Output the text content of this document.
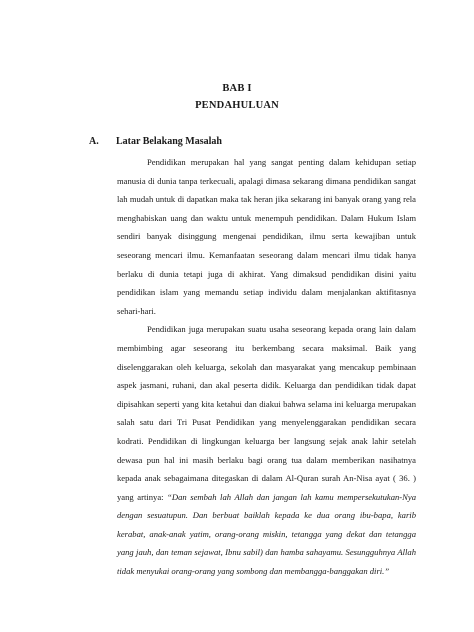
BAB I
PENDAHULUAN
A. Latar Belakang Masalah

Pendidikan merupakan hal yang sangat penting dalam kehidupan setiap manusia di dunia tanpa terkecuali, apalagi dimasa sekarang dimana pendidikan sangat lah mudah untuk di dapatkan maka tak heran jika sekarang ini banyak orang yang rela menghabiskan uang dan waktu untuk menempuh pendidikan. Dalam Hukum Islam sendiri banyak disinggung mengenai pendidikan, ilmu serta kewajiban untuk seseorang mencari ilmu. Kemanfaatan seseorang dalam mencari ilmu tidak hanya berlaku di dunia tetapi juga di akhirat. Yang dimaksud pendidikan disini yaitu pendidikan islam yang memandu setiap individu dalam menjalankan aktifitasnya sehari-hari.

Pendidikan juga merupakan suatu usaha seseorang kepada orang lain dalam membimbing agar seseorang itu berkembang secara maksimal. Baik yang diselenggarakan oleh keluarga, sekolah dan masyarakat yang mencakup pembinaan aspek jasmani, ruhani, dan akal peserta didik. Keluarga dan pendidikan tidak dapat dipisahkan seperti yang kita ketahui dan diakui bahwa selama ini keluarga merupakan salah satu dari Tri Pusat Pendidikan yang menyelenggarakan pendidikan secara kodrati. Pendidikan di lingkungan keluarga ber langsung sejak anak lahir setelah dewasa pun hal ini masih berlaku bagi orang tua dalam memberikan nasihatnya kepada anak sebagaimana ditegaskan di dalam Al-Quran surah An-Nisa ayat ( 36. ) yang artinya: “Dan sembah lah Allah dan jangan lah kamu mempersekutukan-Nya dengan sesuatupun. Dan berbuat baiklah kepada ke dua orang ibu-bapa, karib kerabat, anak-anak yatim, orang-orang miskin, tetangga yang dekat dan tetangga yang jauh, dan teman sejawat, Ibnu sabil) dan hamba sahayamu. Sesungguhnya Allah tidak menyukai orang-orang yang sombong dan membangga-banggakan diri.”
